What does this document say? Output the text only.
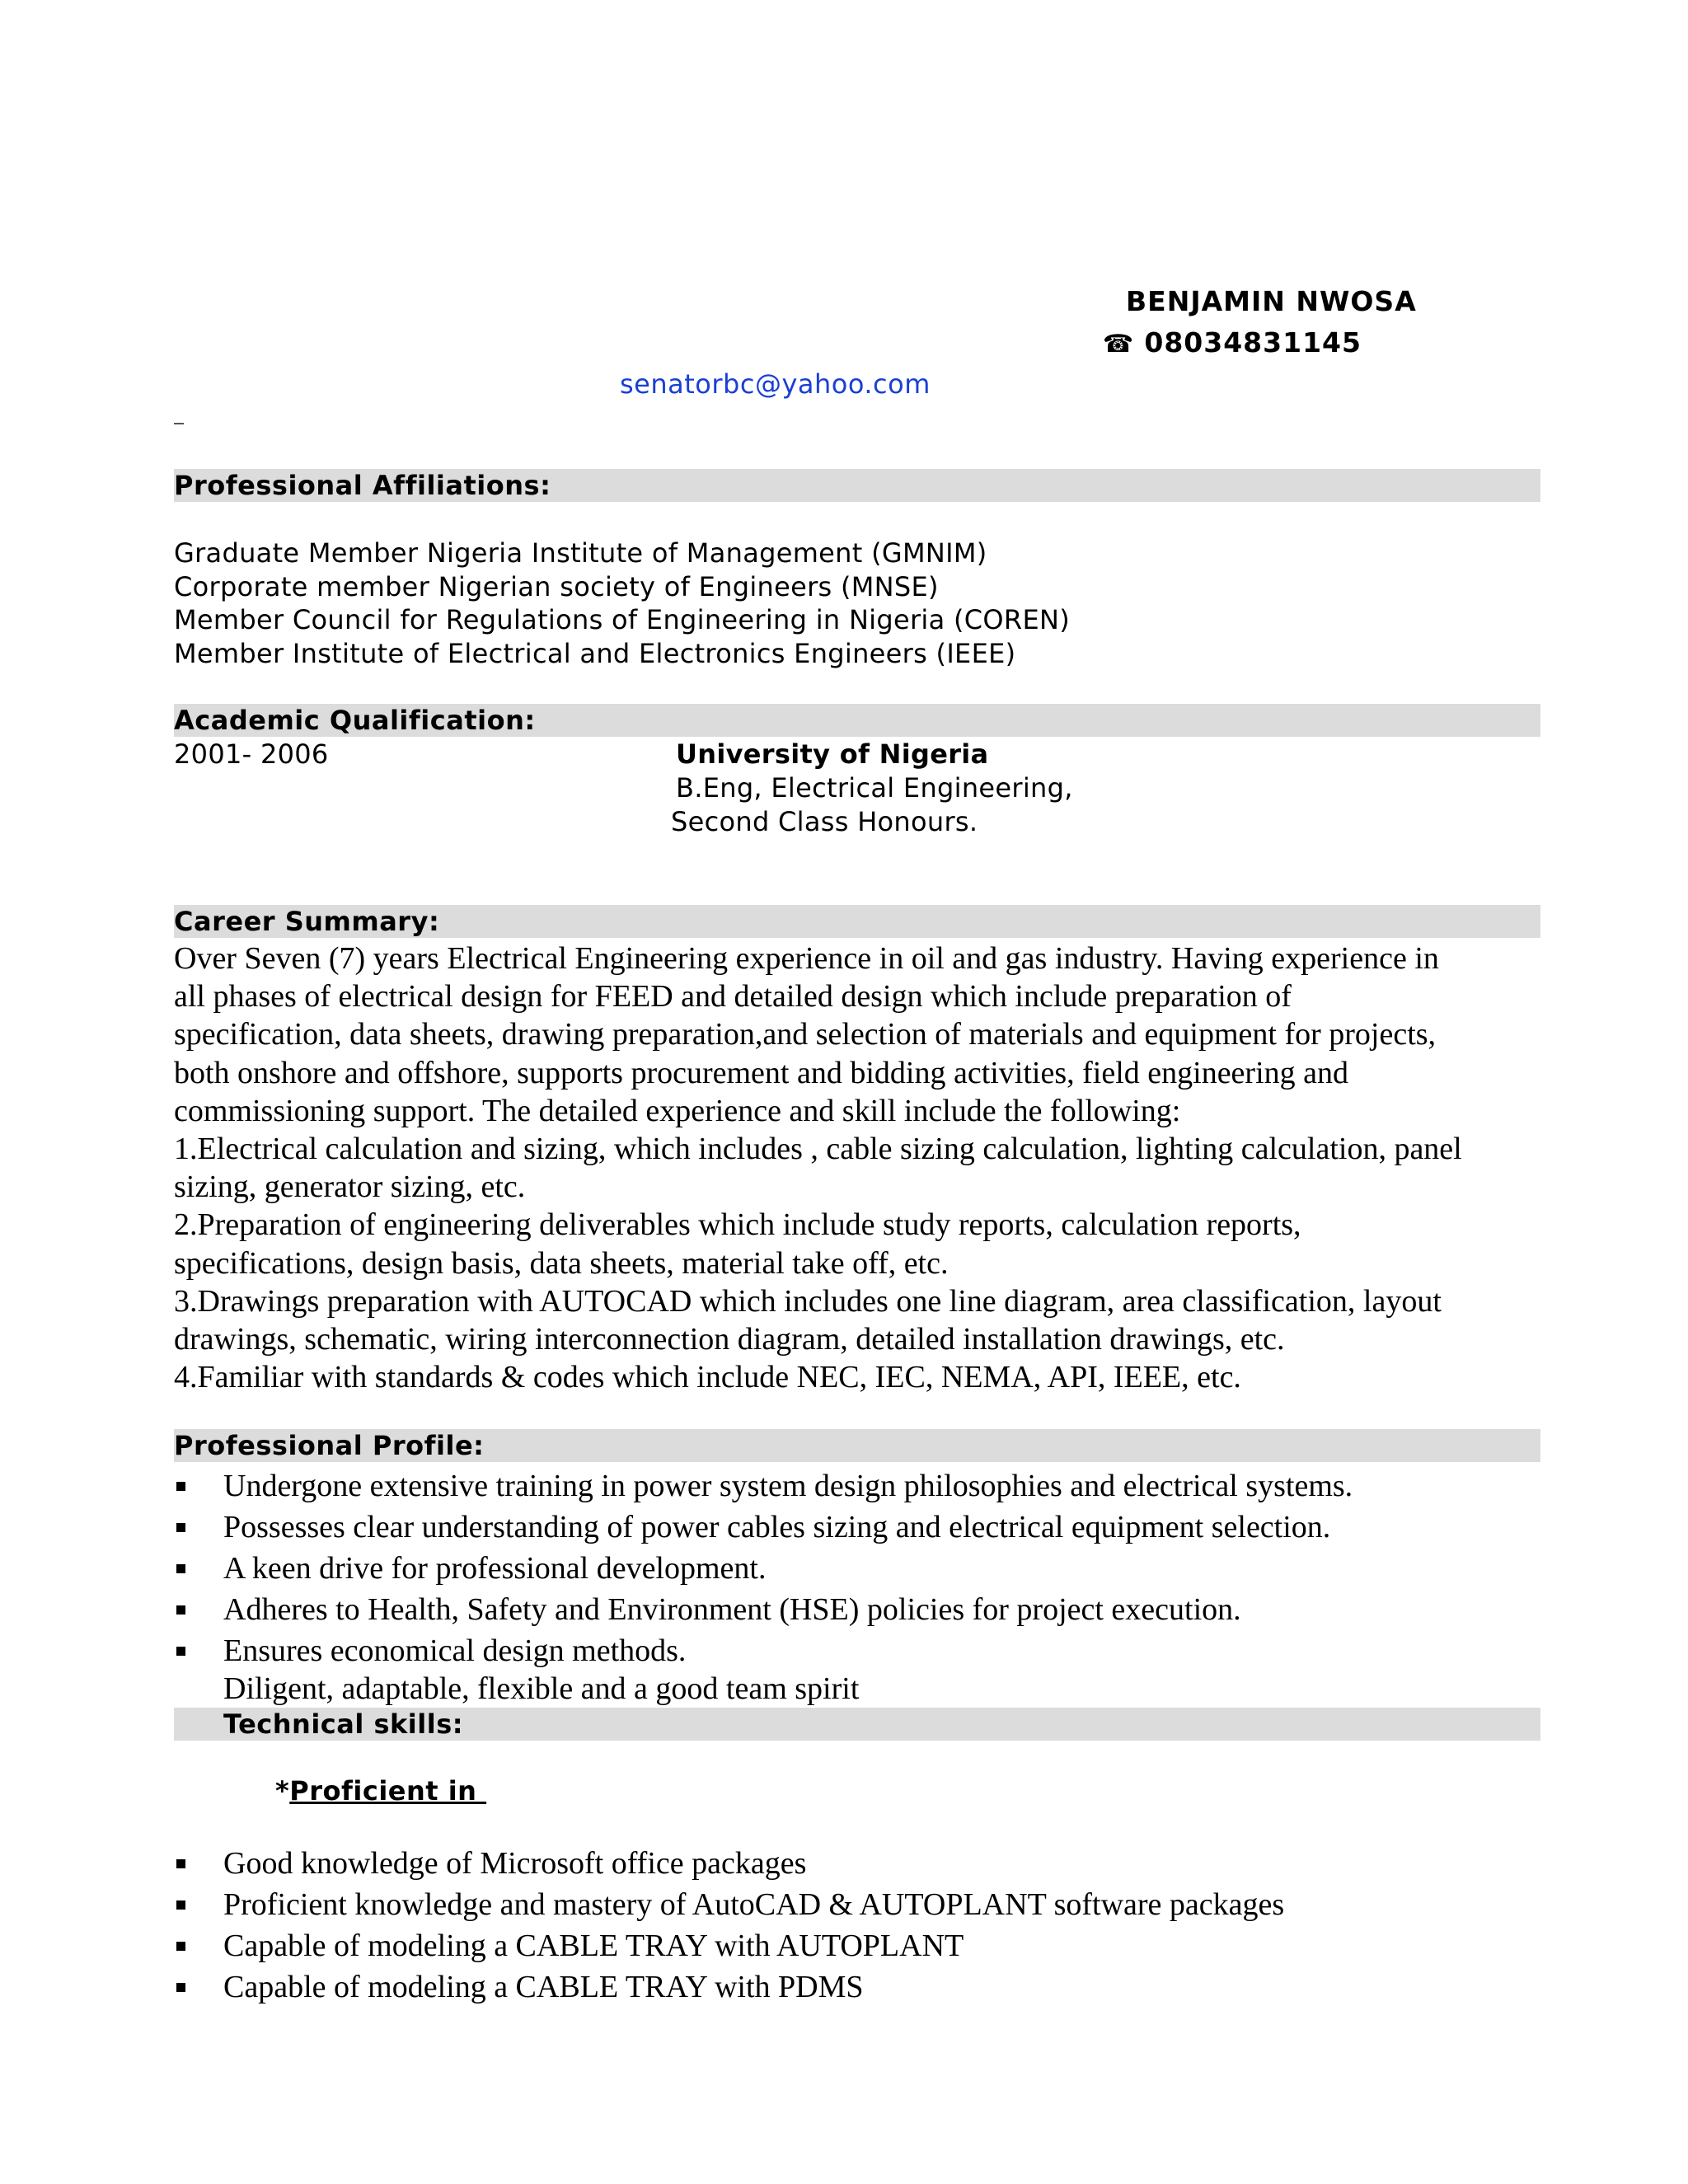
BENJAMIN NWOSA
☎ 08034831145
senatorbc@yahoo.com
Professional Affiliations:
Graduate Member Nigeria Institute of Management (GMNIM)
Corporate member Nigerian society of Engineers (MNSE)
Member Council for Regulations of Engineering in Nigeria (COREN)
Member Institute of Electrical and Electronics Engineers (IEEE)
Academic Qualification:
2001- 2006	University of Nigeria
B.Eng, Electrical Engineering,
Second Class Honours.
Career Summary:
Over Seven (7) years Electrical Engineering experience in oil and gas industry. Having experience in
all phases of electrical design for FEED and detailed design which include preparation of
specification, data sheets, drawing preparation,and selection of materials and equipment for projects,
both onshore and offshore, supports procurement and bidding activities, field engineering and
commissioning support. The detailed experience and skill include the following:
1.Electrical calculation and sizing, which includes , cable sizing calculation, lighting calculation, panel
sizing, generator sizing, etc.
2.Preparation of engineering deliverables which include study reports, calculation reports,
specifications, design basis, data sheets, material take off, etc.
3.Drawings preparation with AUTOCAD which includes one line diagram, area classification, layout
drawings, schematic, wiring interconnection diagram, detailed installation drawings, etc.
4.Familiar with standards & codes which include NEC, IEC, NEMA, API, IEEE, etc.
Professional Profile:
Undergone extensive training in power system design philosophies and electrical systems.
Possesses clear understanding of power cables sizing and electrical equipment selection.
A keen drive for professional development.
Adheres to Health, Safety and Environment (HSE) policies for project execution.
Ensures economical design methods.
Diligent, adaptable, flexible and a good team spirit
Technical skills:
*Proficient in
Good knowledge of Microsoft office packages
Proficient knowledge and mastery of AutoCAD & AUTOPLANT software packages
Capable of modeling a CABLE TRAY with AUTOPLANT
Capable of modeling a CABLE TRAY with PDMS
